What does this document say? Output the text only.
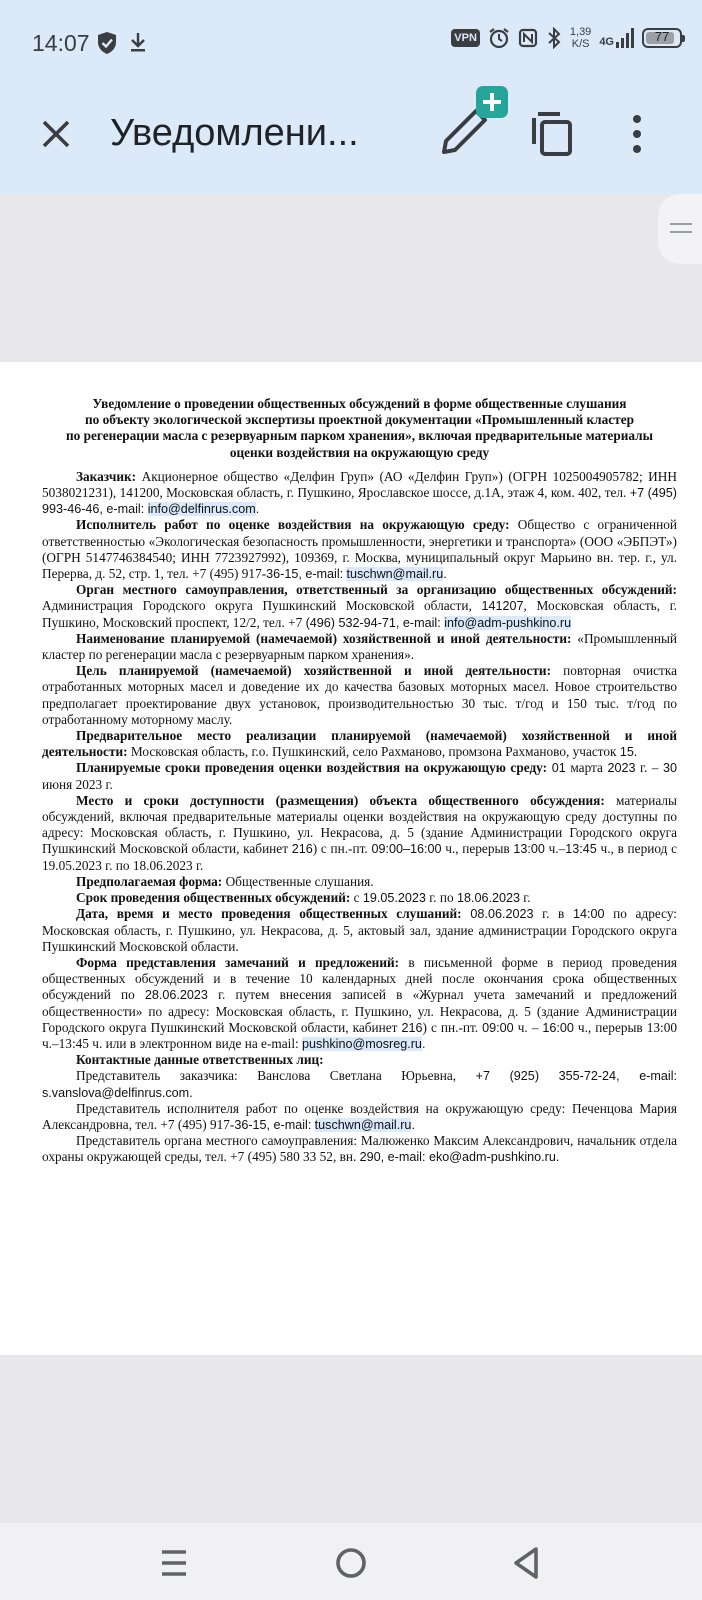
14:07	VPN	1,39
K/S 4G	77
Уведомлени...
Уведомление о проведении общественных обсуждений в форме общественные слушания
по объекту экологической экспертизы проектной документации «Промышленный кластер
по регенерации масла с резервуарным парком хранения», включая предварительные материалы
оценки воздействия на окружающую среду

Заказчик: Акционерное общество «Делфин Груп» (АО «Делфин Груп») (ОГРН 1025004905782; ИНН 5038021231), 141200, Московская область, г. Пушкино, Ярославское шоссе, д.1А, этаж 4, ком. 402, тел. +7 (495) 993-46-46, e-mail: info@delfinrus.com.

Исполнитель работ по оценке воздействия на окружающую среду: Общество с ограниченной ответственностью «Экологическая безопасность промышленности, энергетики и транспорта» (ООО «ЭБПЭТ») (ОГРН 5147746384540; ИНН 7723927992), 109369, г. Москва, муниципальный округ Марьино вн. тер. г., ул. Перерва, д. 52, стр. 1, тел. +7 (495) 917-36-15, e-mail: tuschwn@mail.ru.

Орган местного самоуправления, ответственный за организацию общественных обсуждений: Администрация Городского округа Пушкинский Московской области, 141207, Московская область, г. Пушкино, Московский проспект, 12/2, тел. +7 (496) 532-94-71, e-mail: info@adm-pushkino.ru

Наименование планируемой (намечаемой) хозяйственной и иной деятельности: «Промышленный кластер по регенерации масла с резервуарным парком хранения».

Цель планируемой (намечаемой) хозяйственной и иной деятельности: повторная очистка отработанных моторных масел и доведение их до качества базовых моторных масел. Новое строительство предполагает проектирование двух установок, производительностью 30 тыс. т/год и 150 тыс. т/год по отработанному моторному маслу.

Предварительное место реализации планируемой (намечаемой) хозяйственной и иной деятельности: Московская область, г.о. Пушкинский, село Рахманово, промзона Рахманово, участок 15.

Планируемые сроки проведения оценки воздействия на окружающую среду: 01 марта 2023 г. – 30 июня 2023 г.

Место и сроки доступности (размещения) объекта общественного обсуждения: материалы обсуждений, включая предварительные материалы оценки воздействия на окружающую среду доступны по адресу: Московская область, г. Пушкино, ул. Некрасова, д. 5 (здание Администрации Городского округа Пушкинский Московской области, кабинет 216) с пн.-пт. 09:00–16:00 ч., перерыв 13:00 ч.–13:45 ч., в период с 19.05.2023 г. по 18.06.2023 г.

Предполагаемая форма: Общественные слушания.

Срок проведения общественных обсуждений: с 19.05.2023 г. по 18.06.2023 г.

Дата, время и место проведения общественных слушаний: 08.06.2023 г. в 14:00 по адресу: Московская область, г. Пушкино, ул. Некрасова, д. 5, актовый зал, здание администрации Городского округа Пушкинский Московской области.

Форма представления замечаний и предложений: в письменной форме в период проведения общественных обсуждений и в течение 10 календарных дней после окончания срока общественных обсуждений по 28.06.2023 г. путем внесения записей в «Журнал учета замечаний и предложений общественности» по адресу: Московская область, г. Пушкино, ул. Некрасова, д. 5 (здание Администрации Городского округа Пушкинский Московской области, кабинет 216) с пн.-пт. 09:00 ч. – 16:00 ч., перерыв 13:00 ч.–13:45 ч. или в электронном виде на e-mail: pushkino@mosreg.ru.

Контактные данные ответственных лиц:

Представитель заказчика: Ванслова Светлана Юрьевна, +7 (925) 355-72-24, e-mail: s.vanslova@delfinrus.com.

Представитель исполнителя работ по оценке воздействия на окружающую среду: Печенцова Мария Александровна, тел. +7 (495) 917-36-15, e-mail: tuschwn@mail.ru.

Представитель органа местного самоуправления: Малюженко Максим Александрович, начальник отдела охраны окружающей среды, тел. +7 (495) 580 33 52, вн. 290, e-mail: eko@adm-pushkino.ru.
